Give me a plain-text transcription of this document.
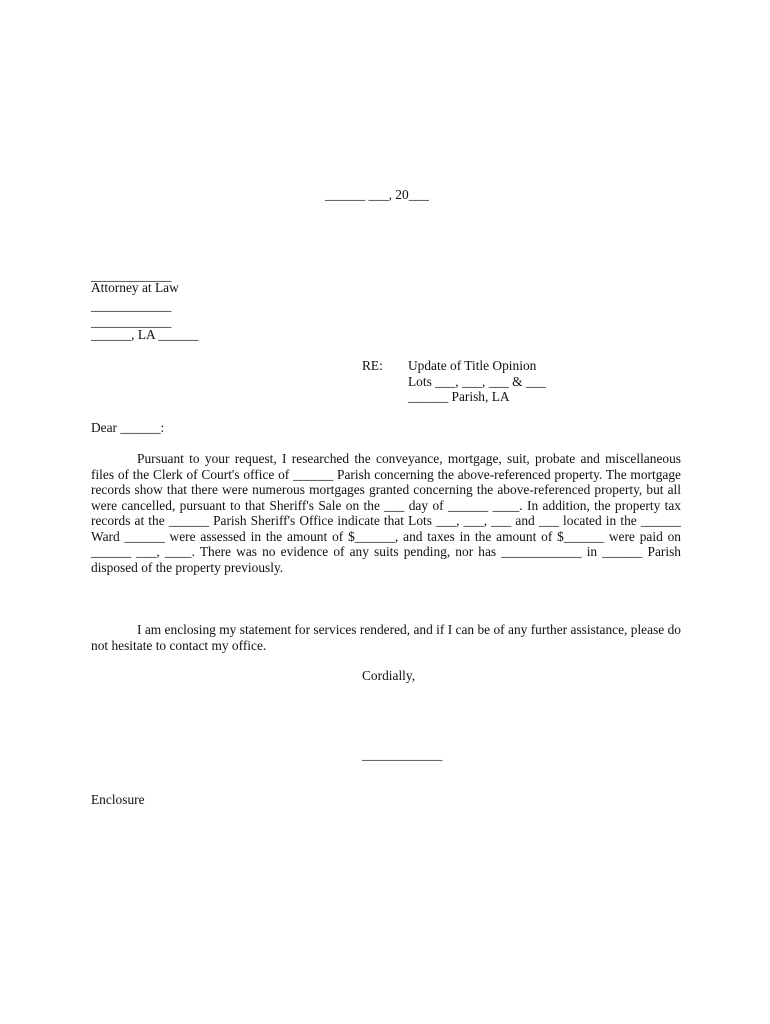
______ ___, 20___
____________
Attorney at Law
____________
____________
______, LA ______
RE: Update of Title Opinion
Lots ___, ___, ___ & ___
______ Parish, LA
Dear ______:

Pursuant to your request, I researched the conveyance, mortgage, suit, probate and miscellaneous files of the Clerk of Court's office of ______ Parish concerning the above-referenced property. The mortgage records show that there were numerous mortgages granted concerning the above-referenced property, but all were cancelled, pursuant to that Sheriff's Sale on the ___ day of ______ ____. In addition, the property tax records at the ______ Parish Sheriff's Office indicate that Lots ___, ___, ___ and ___ located in the ______ Ward ______ were assessed in the amount of $______, and taxes in the amount of $______ were paid on ______ ___, ____. There was no evidence of any suits pending, nor has ____________ in ______ Parish disposed of the property previously.

I am enclosing my statement for services rendered, and if I can be of any further assistance, please do not hesitate to contact my office.

Cordially,
____________
Enclosure
